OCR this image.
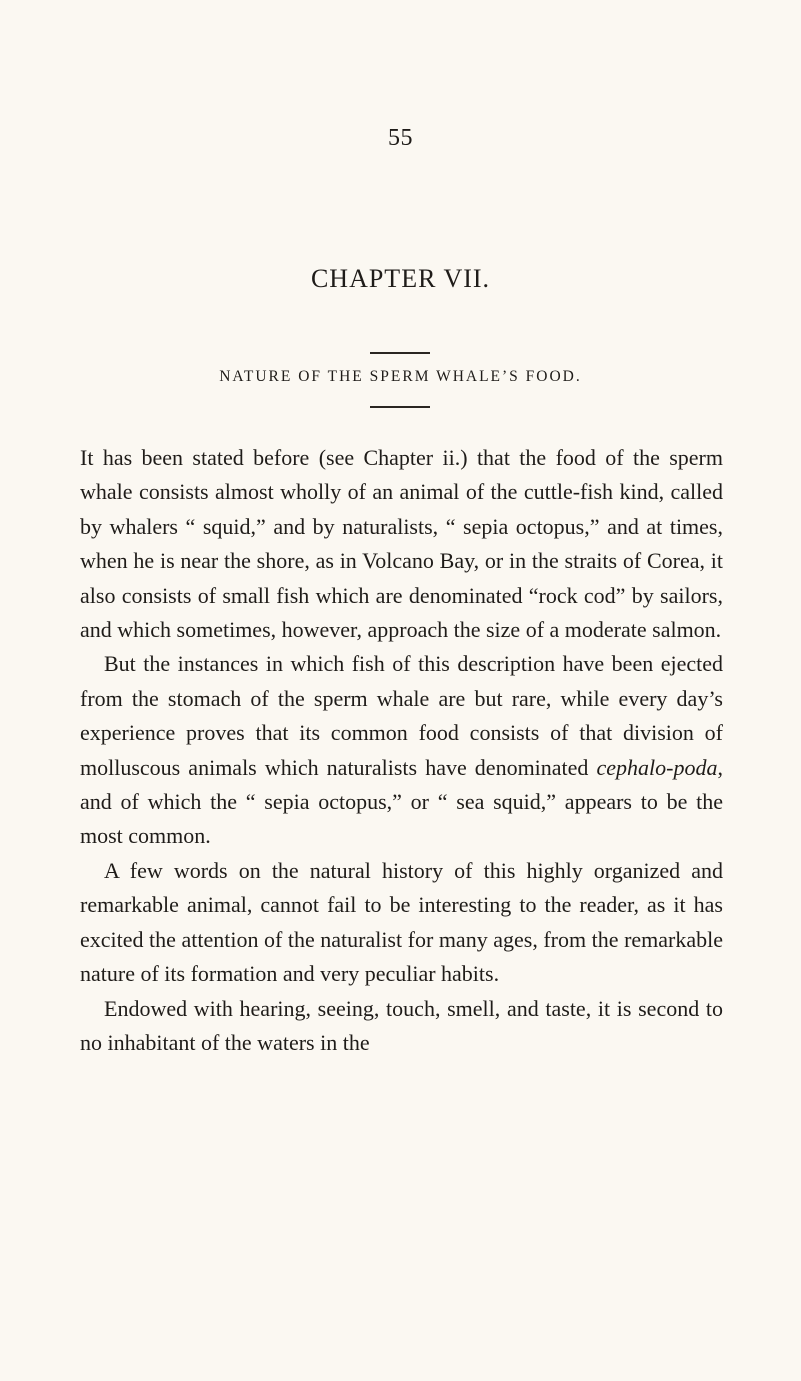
55
CHAPTER VII.
NATURE OF THE SPERM WHALE’S FOOD.

It has been stated before (see Chapter ii.) that the food of the sperm whale consists almost wholly of an animal of the cuttle-fish kind, called by whalers “ squid,” and by naturalists, “ sepia octopus,” and at times, when he is near the shore, as in Volcano Bay, or in the straits of Corea, it also consists of small fish which are denominated “rock cod” by sailors, and which sometimes, however, approach the size of a moderate salmon.

But the instances in which fish of this description have been ejected from the stomach of the sperm whale are but rare, while every day’s experience proves that its common food consists of that division of molluscous animals which naturalists have denominated cephalo-poda, and of which the “ sepia octopus,” or “ sea squid,” appears to be the most common.

A few words on the natural history of this highly organized and remarkable animal, cannot fail to be interesting to the reader, as it has excited the attention of the naturalist for many ages, from the remarkable nature of its formation and very peculiar habits.

Endowed with hearing, seeing, touch, smell, and taste, it is second to no inhabitant of the waters in the
